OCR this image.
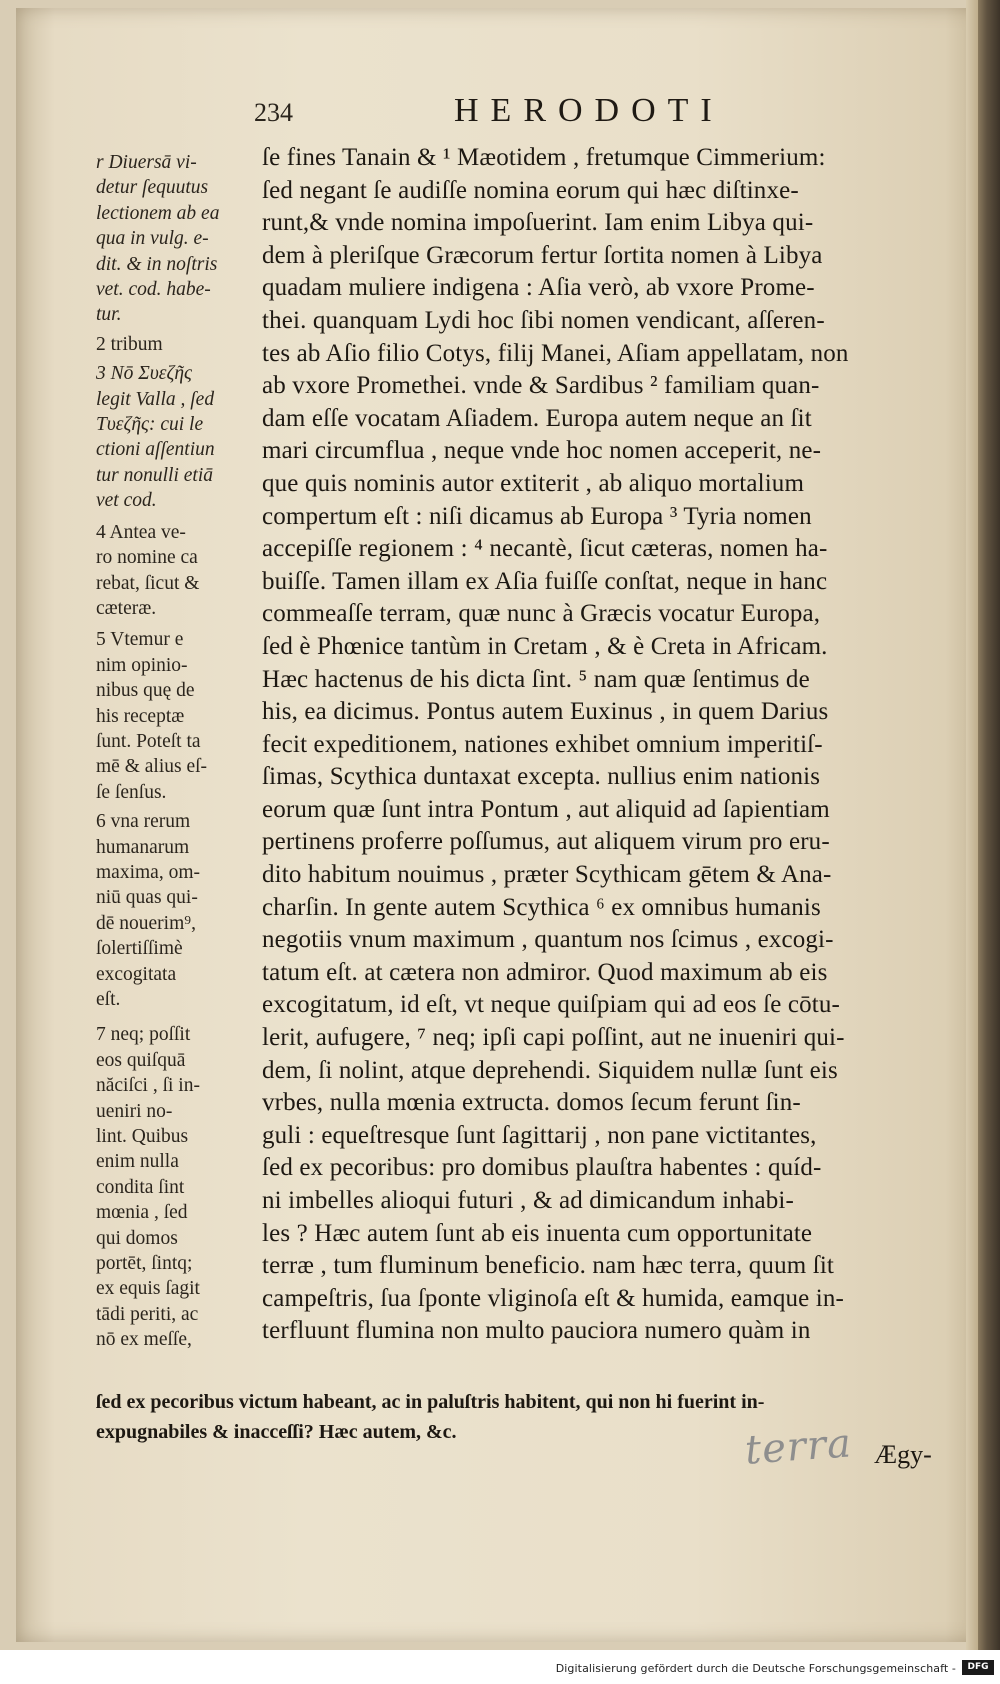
234	HERODOTI

r Diuersā vi-
detur ſequutus
lectionem ab ea
qua in vulg. e-
dit. & in noſtris
vet. cod. habe-
tur.

2 tribum

3 Nō Συεζῆς
legit Valla , ſed
Τυεζῆς: cui le
ctioni aſſentiun
tur nonulli etiā
vet cod.

4 Antea ve-
ro nomine ca
rebat, ſicut &
cæteræ.

5 Vtemur e
nim opinio-
nibus quę de
his receptæ
ſunt. Poteſt ta
mē & alius eſ-
ſe ſenſus.

6 vna rerum
humanarum
maxima, om-
niū quas qui-
dē nouerim⁹,
ſolertiſſimè
excogitata
eſt.

7 neq; poſſit
eos quiſquā
năciſci , ſi in-
ueniri no-
lint. Quibus
enim nulla
condita ſint
mœnia , ſed
qui domos
portēt, ſintq;
ex equis ſagit
tādi periti, ac
nō ex meſſe,

ſe fines Tanain & ¹ Mæotidem , fretumque Cimmerium:
ſed negant ſe audiſſe nomina eorum qui hæc diſtinxe-
runt,& vnde nomina impoſuerint. Iam enim Libya qui-
dem à pleriſque Græcorum fertur ſortita nomen à Libya
quadam muliere indigena : Aſia verò, ab vxore Prome-
thei. quanquam Lydi hoc ſibi nomen vendicant, aſſeren-
tes ab Aſio filio Cotys, filij Manei, Aſiam appellatam, non
ab vxore Promethei. vnde & Sardibus ² familiam quan-
dam eſſe vocatam Aſiadem. Europa autem neque an ſit
mari circumflua , neque vnde hoc nomen acceperit, ne-
que quis nominis autor extiterit , ab aliquo mortalium
compertum eſt : niſi dicamus ab Europa ³ Tyria nomen
accepiſſe regionem : ⁴ necantè, ſicut cæteras, nomen ha-
buiſſe. Tamen illam ex Aſia fuiſſe conſtat, neque in hanc
commeaſſe terram, quæ nunc à Græcis vocatur Europa,
ſed è Phœnice tantùm in Cretam , & è Creta in Africam.
Hæc hactenus de his dicta ſint. ⁵ nam quæ ſentimus de
his, ea dicimus. Pontus autem Euxinus , in quem Darius
fecit expeditionem, nationes exhibet omnium imperitiſ-
ſimas, Scythica duntaxat excepta. nullius enim nationis
eorum quæ ſunt intra Pontum , aut aliquid ad ſapientiam
pertinens proferre poſſumus, aut aliquem virum pro eru-
dito habitum nouimus , præter Scythicam gētem & Ana-
charſin. In gente autem Scythica ⁶ ex omnibus humanis
negotiis vnum maximum , quantum nos ſcimus , excogi-
tatum eſt. at cætera non admiror. Quod maximum ab eis
excogitatum, id eſt, vt neque quiſpiam qui ad eos ſe cōtu-
lerit, aufugere, ⁷ neq; ipſi capi poſſint, aut ne inueniri qui-
dem, ſi nolint, atque deprehendi. Siquidem nullæ ſunt eis
vrbes, nulla mœnia extructa. domos ſecum ferunt ſin-
guli : equeſtresque ſunt ſagittarij , non pane victitantes,
ſed ex pecoribus: pro domibus plauſtra habentes : quíd-
ni imbelles alioqui futuri , & ad dimicandum inhabi-
les ? Hæc autem ſunt ab eis inuenta cum opportunitate
terræ , tum fluminum beneficio. nam hæc terra, quum ſit
campeſtris, ſua ſponte vliginoſa eſt & humida, eamque in-
terfluunt flumina non multo pauciora numero quàm in
ſed ex pecoribus victum habeant, ac in paluſtris habitent, qui non hi fuerint in-
expugnabiles & inacceſſi? Hæc autem, &c.	terra Ægy-
Digitalisierung gefördert durch die Deutsche Forschungsgemeinschaft -	DFG
